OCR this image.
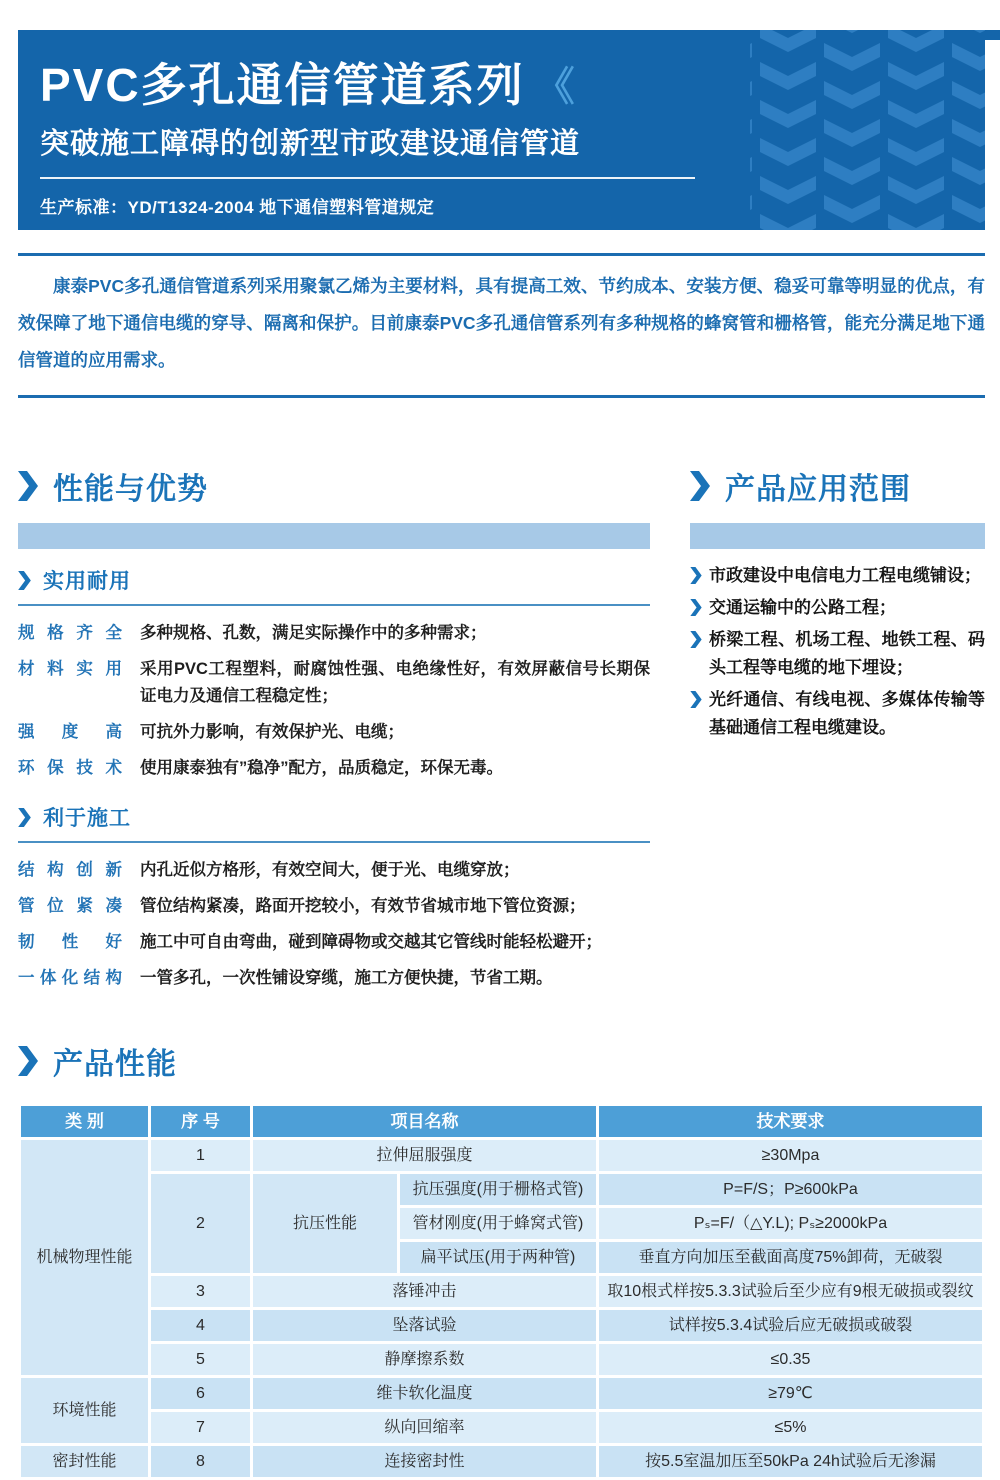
PVC多孔通信管道系列 《
突破施工障碍的创新型市政建设通信管道
生产标准：YD/T1324-2004 地下通信塑料管道规定

康泰PVC多孔通信管道系列采用聚氯乙烯为主要材料，具有提高工效、节约成本、安装方便、稳妥可靠等明显的优点，有效保障了地下通信电缆的穿导、隔离和保护。目前康泰PVC多孔通信管系列有多种规格的蜂窝管和栅格管，能充分满足地下通信管道的应用需求。

性能与优势
实用耐用
规格齐全 多种规格、孔数，满足实际操作中的多种需求；
材料实用 采用PVC工程塑料，耐腐蚀性强、电绝缘性好，有效屏蔽信号长期保证电力及通信工程稳定性；
强度高 可抗外力影响，有效保护光、电缆；
环保技术 使用康泰独有”稳净”配方，品质稳定，环保无毒。
利于施工
结构创新 内孔近似方格形，有效空间大，便于光、电缆穿放；
管位紧凑 管位结构紧凑，路面开挖较小，有效节省城市地下管位资源；
韧性好 施工中可自由弯曲，碰到障碍物或交越其它管线时能轻松避开；
一体化结构 一管多孔，一次性铺设穿缆，施工方便快捷，节省工期。
产品应用范围
市政建设中电信电力工程电缆铺设；
交通运输中的公路工程；
桥梁工程、机场工程、地铁工程、码头工程等电缆的地下埋设；
光纤通信、有线电视、多媒体传输等基础通信工程电缆建设。
产品性能
类 别	序 号	项目名称		技术要求
机械物理性能	1	拉伸屈服强度		≥30Mpa
	2	抗压性能	抗压强度(用于栅格式管)	P=F/S；P≥600kPa
			管材刚度(用于蜂窝式管)	Pₛ=F/（△Y.L); Pₛ≥2000kPa
			扁平试压(用于两种管)	垂直方向加压至截面高度75%卸荷，无破裂
	3	落锤冲击		取10根式样按5.3.3试验后至少应有9根无破损或裂纹
	4	坠落试验		试样按5.3.4试验后应无破损或破裂
	5	静摩擦系数		≤0.35
环境性能	6	维卡软化温度		≥79℃
	7	纵向回缩率		≤5%
密封性能	8	连接密封性		按5.5室温加压至50kPa 24h试验后无渗漏
